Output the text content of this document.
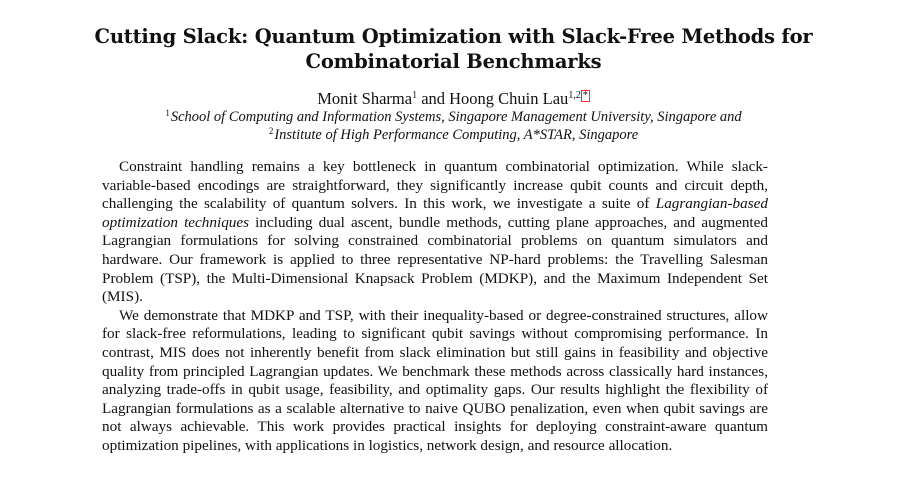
Cutting Slack: Quantum Optimization with Slack-Free Methods for Combinatorial Benchmarks
Monit Sharma$^1$ and Hoong Chuin Lau$^{1,2}$ *
$^1$School of Computing and Information Systems, Singapore Management University, Singapore and
$^2$Institute of High Performance Computing, A*STAR, Singapore

Constraint handling remains a key bottleneck in quantum combinatorial optimization. While slack-variable-based encodings are straightforward, they significantly increase qubit counts and circuit depth, challenging the scalability of quantum solvers. In this work, we investigate a suite of Lagrangian-based optimization techniques including dual ascent, bundle methods, cutting plane approaches, and augmented Lagrangian formulations for solving constrained combinatorial problems on quantum simulators and hardware. Our framework is applied to three representative NP-hard problems: the Travelling Salesman Problem (TSP), the Multi-Dimensional Knapsack Problem (MDKP), and the Maximum Independent Set (MIS).

We demonstrate that MDKP and TSP, with their inequality-based or degree-constrained structures, allow for slack-free reformulations, leading to significant qubit savings without compromising performance. In contrast, MIS does not inherently benefit from slack elimination but still gains in feasibility and objective quality from principled Lagrangian updates. We benchmark these methods across classically hard instances, analyzing trade-offs in qubit usage, feasibility, and optimality gaps. Our results highlight the flexibility of Lagrangian formulations as a scalable alternative to naive QUBO penalization, even when qubit savings are not always achievable. This work provides practical insights for deploying constraint-aware quantum optimization pipelines, with applications in logistics, network design, and resource allocation.
